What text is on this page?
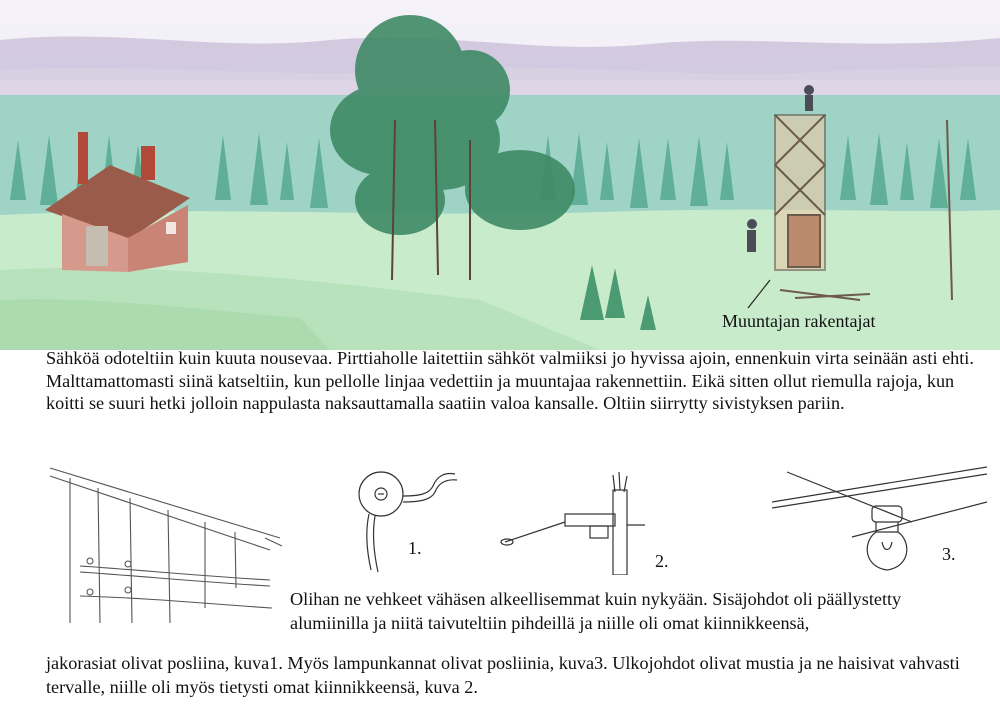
Muuntajan rakentajat

Sähköä odoteltiin kuin kuuta nousevaa. Pirttiaholle laitettiin sähköt valmiiksi jo hyvissa ajoin, ennenkuin virta seinään asti ehti. Malttamattomasti siinä katseltiin, kun pellolle linjaa vedettiin ja muuntajaa rakennettiin. Eikä sitten ollut riemulla rajoja, kun koitti se suuri hetki jolloin nappulasta naksauttamalla saatiin valoa kansalle. Oltiin siirrytty sivistyksen pariin.

1.
2.	3.

Olihan ne vehkeet vähäsen alkeellisemmat kuin nykyään. Sisäjohdot oli päällystetty alumiinilla ja niitä taivuteltiin pihdeillä ja niille oli omat kiinnikkeensä,

jakorasiat olivat posliina, kuva1. Myös lampunkannat olivat posliinia, kuva3. Ulkojohdot olivat mustia ja ne haisivat vahvasti tervalle, niille oli myös tietysti omat kiinnikkeensä, kuva 2.
